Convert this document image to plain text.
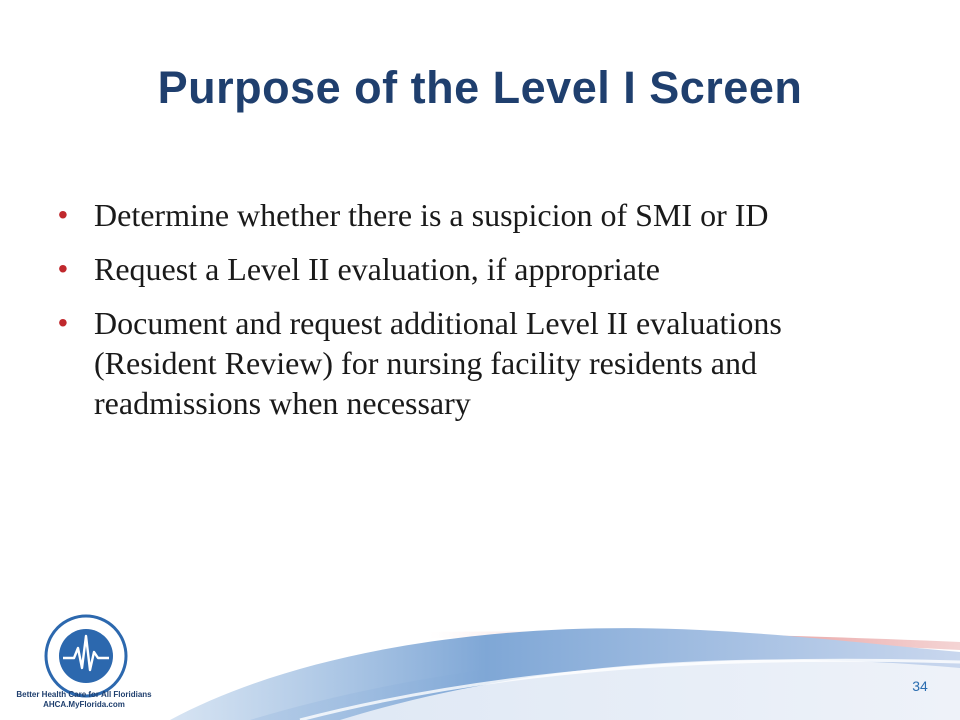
Purpose of the Level I Screen
• Determine whether there is a suspicion of SMI or ID
• Request a Level II evaluation, if appropriate
• Document and request additional Level II evaluations (Resident Review) for nursing facility residents and readmissions when necessary
Better Health Care for All Floridians
AHCA.MyFlorida.com
34
